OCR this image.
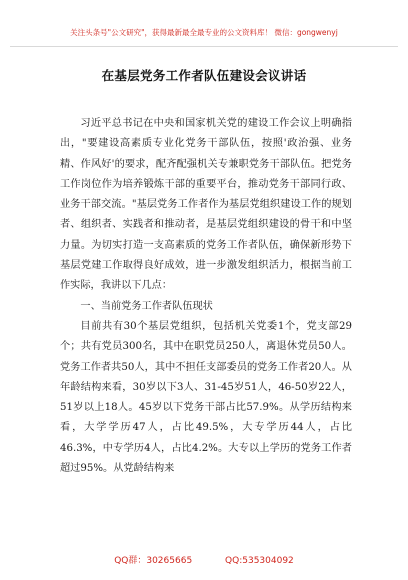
关注头条号"公文研究"，获得最新最全最专业的公文资料库！ 微信：gongwenyj
在基层党务工作者队伍建设会议讲话

习近平总书记在中央和国家机关党的建设工作会议上明确指出，"要建设高素质专业化党务干部队伍，按照'政治强、业务精、作风好'的要求，配齐配强机关专兼职党务干部队伍。把党务工作岗位作为培养锻炼干部的重要平台，推动党务干部同行政、业务干部交流。"基层党务工作者作为基层党组织建设工作的规划者、组织者、实践者和推动者，是基层党组织建设的骨干和中坚力量。为切实打造一支高素质的党务工作者队伍，确保新形势下基层党建工作取得良好成效，进一步激发组织活力，根据当前工作实际，我讲以下几点：

一、当前党务工作者队伍现状

目前共有30个基层党组织，包括机关党委1个，党支部29个；共有党员300名，其中在职党员250人，离退休党员50人。党务工作者共50人，其中不担任支部委员的党务工作者20人。从年龄结构来看，30岁以下3人、31-45岁51人，46-50岁22人，51岁以上18人。45岁以下党务干部占比57.9%。从学历结构来看，大学学历47人，占比49.5%，大专学历44人，占比46.3%，中专学历4人，占比4.2%。大专以上学历的党务工作者超过95%。从党龄结构来

QQ群：30265665	QQ:535304092
